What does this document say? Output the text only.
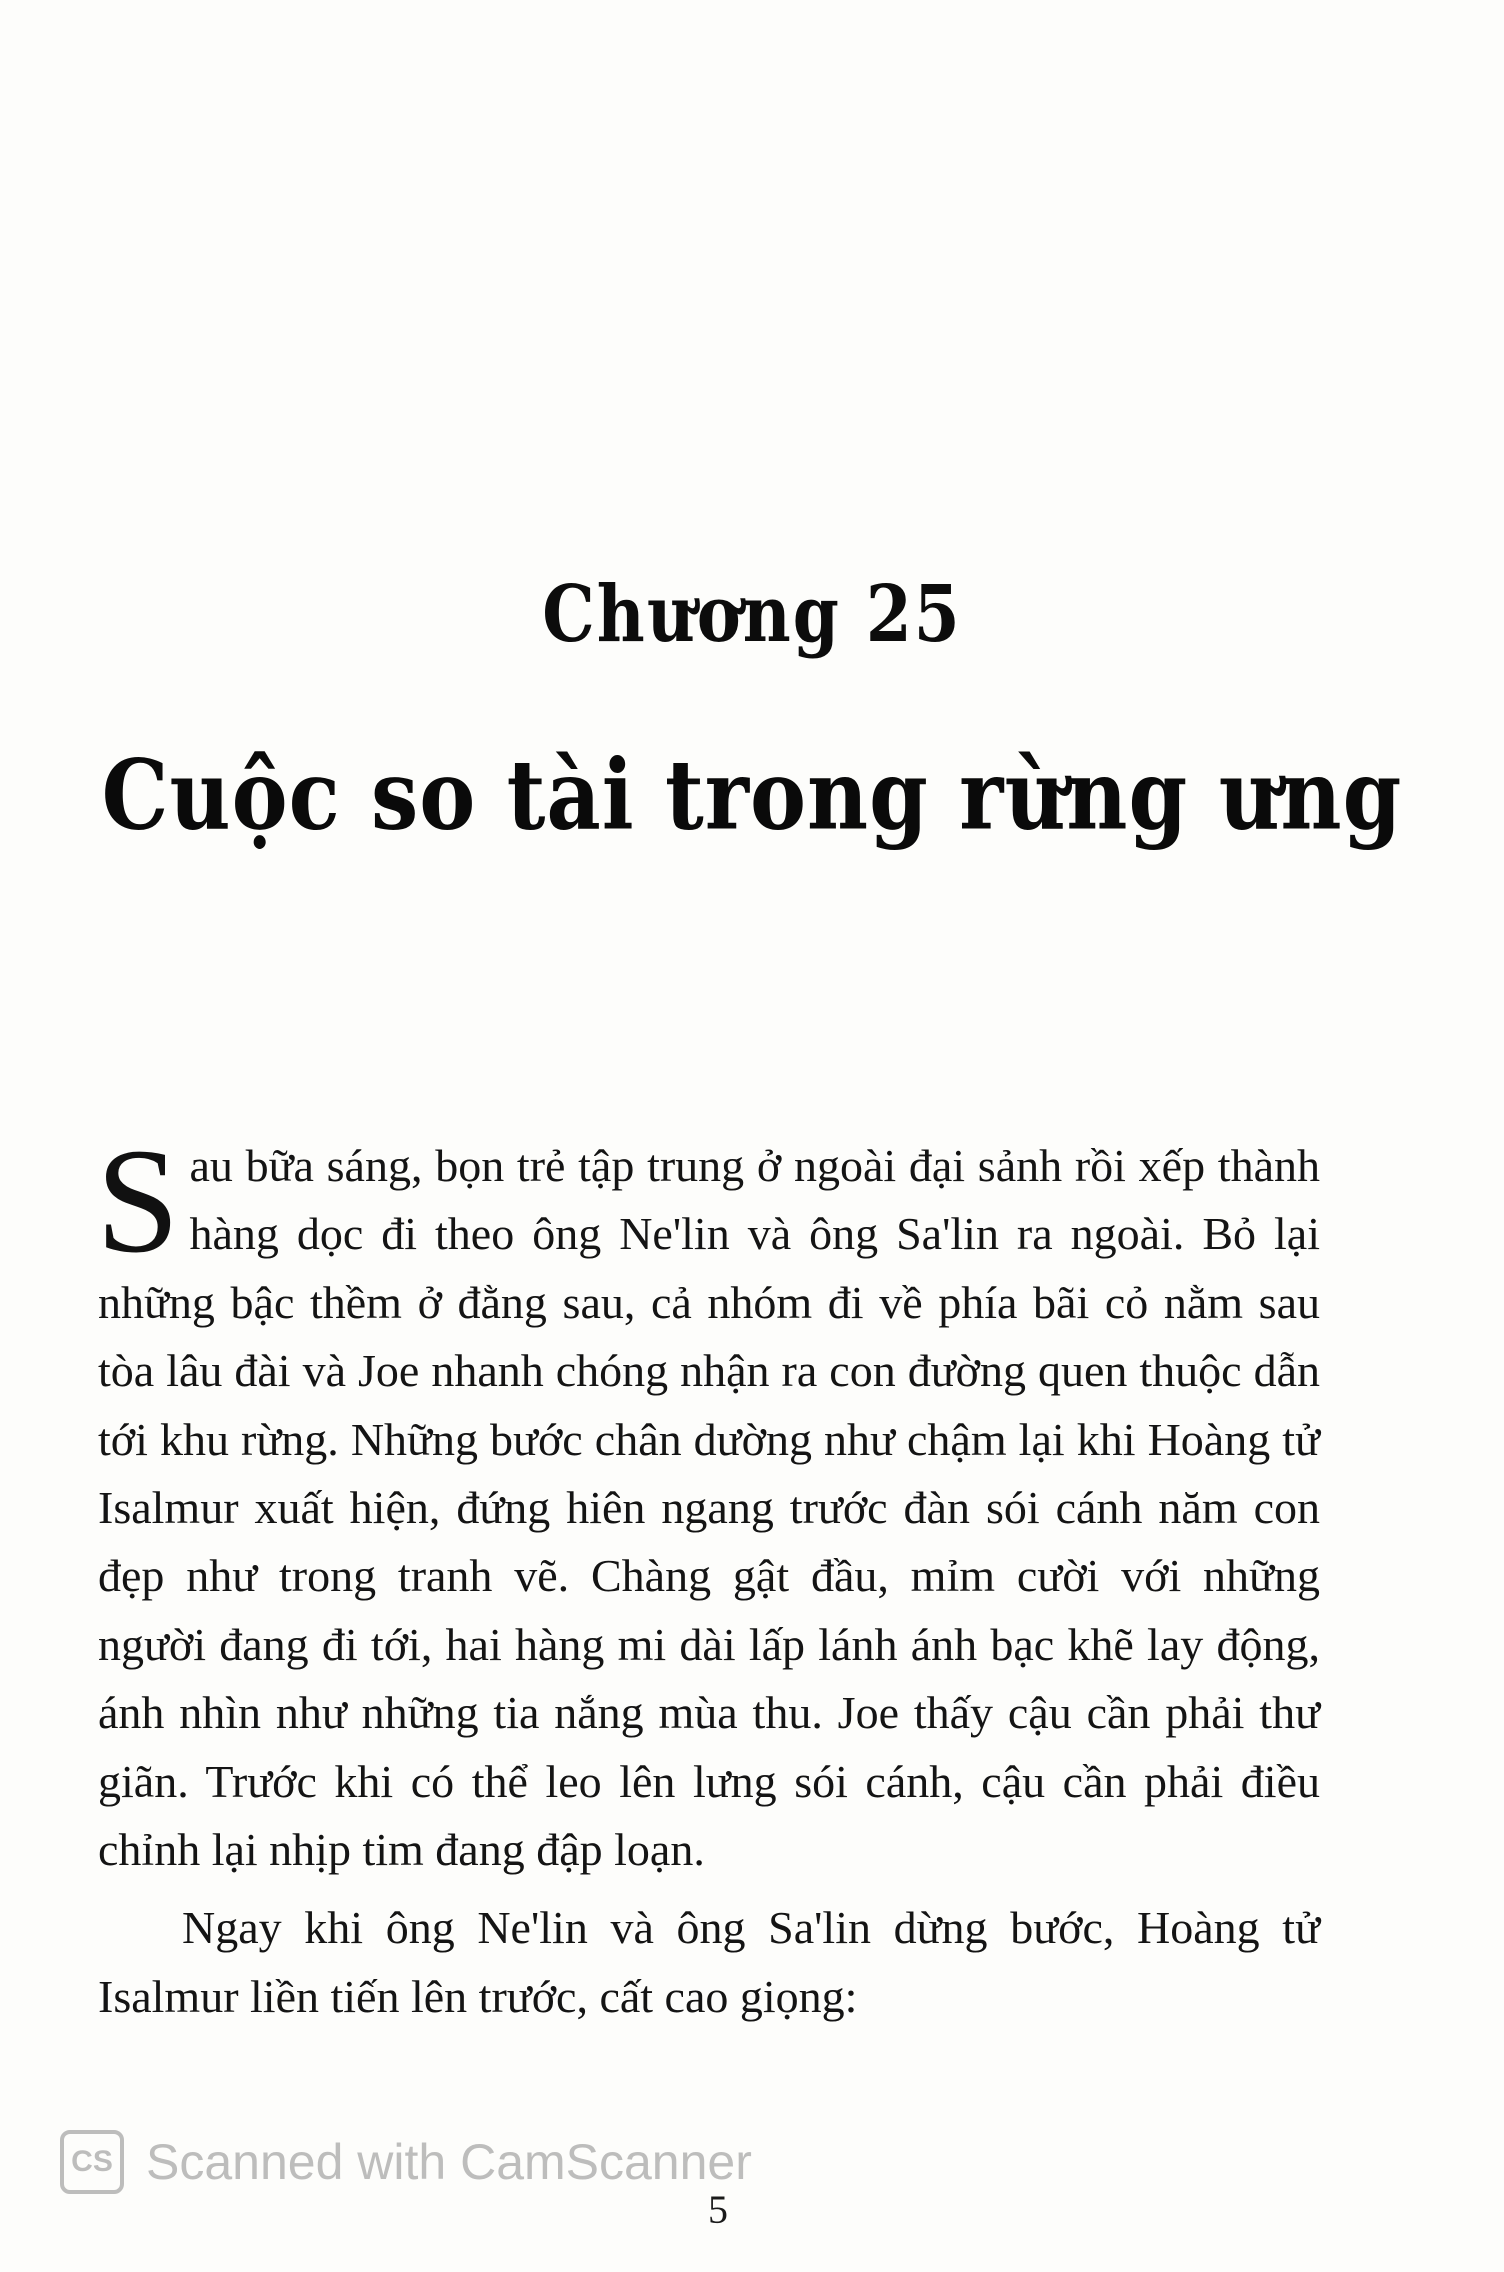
Chương 25
Cuộc so tài trong rừng ưng

Sau bữa sáng, bọn trẻ tập trung ở ngoài đại sảnh rồi xếp thành hàng dọc đi theo ông Ne'lin và ông Sa'lin ra ngoài. Bỏ lại những bậc thềm ở đằng sau, cả nhóm đi về phía bãi cỏ nằm sau tòa lâu đài và Joe nhanh chóng nhận ra con đường quen thuộc dẫn tới khu rừng. Những bước chân dường như chậm lại khi Hoàng tử Isalmur xuất hiện, đứng hiên ngang trước đàn sói cánh năm con đẹp như trong tranh vẽ. Chàng gật đầu, mỉm cười với những người đang đi tới, hai hàng mi dài lấp lánh ánh bạc khẽ lay động, ánh nhìn như những tia nắng mùa thu. Joe thấy cậu cần phải thư giãn. Trước khi có thể leo lên lưng sói cánh, cậu cần phải điều chỉnh lại nhịp tim đang đập loạn.

Ngay khi ông Ne'lin và ông Sa'lin dừng bước, Hoàng tử Isalmur liền tiến lên trước, cất cao giọng:

5
CS Scanned with CamScanner
